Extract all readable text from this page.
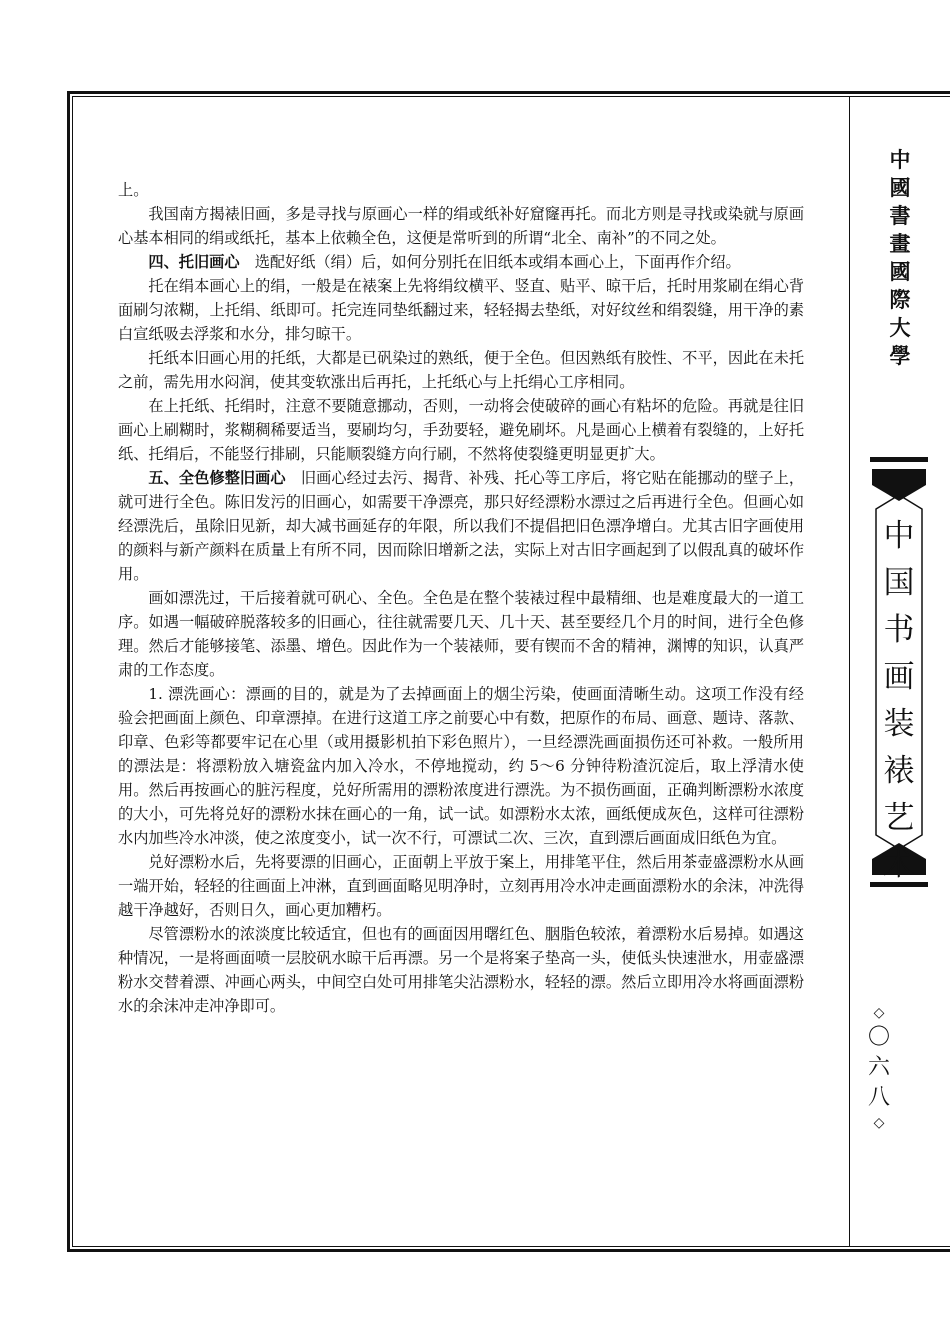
上。

我国南方揭裱旧画，多是寻找与原画心一样的绢或纸补好窟窿再托。而北方则是寻找或染就与原画心基本相同的绢或纸托，基本上依赖全色，这便是常听到的所谓“北全、南补”的不同之处。

四、托旧画心　选配好纸（绢）后，如何分别托在旧纸本或绢本画心上，下面再作介绍。

托在绢本画心上的绢，一般是在裱案上先将绢纹横平、竖直、贴平、晾干后，托时用浆刷在绢心背面刷匀浓糊，上托绢、纸即可。托完连同垫纸翻过来，轻轻揭去垫纸，对好纹丝和绢裂缝，用干净的素白宣纸吸去浮浆和水分，排匀晾干。

托纸本旧画心用的托纸，大都是已矾染过的熟纸，便于全色。但因熟纸有胶性、不平，因此在未托之前，需先用水闷润，使其变软涨出后再托，上托纸心与上托绢心工序相同。

在上托纸、托绢时，注意不要随意挪动，否则，一动将会使破碎的画心有粘坏的危险。再就是往旧画心上刷糊时，浆糊稠稀要适当，要刷均匀，手劲要轻，避免刷坏。凡是画心上横着有裂缝的，上好托纸、托绢后，不能竖行排刷，只能顺裂缝方向行刷，不然将使裂缝更明显更扩大。

五、全色修整旧画心　旧画心经过去污、揭背、补残、托心等工序后，将它贴在能挪动的壁子上，就可进行全色。陈旧发污的旧画心，如需要干净漂亮，那只好经漂粉水漂过之后再进行全色。但画心如经漂洗后，虽除旧见新，却大减书画延存的年限，所以我们不提倡把旧色漂净增白。尤其古旧字画使用的颜料与新产颜料在质量上有所不同，因而除旧增新之法，实际上对古旧字画起到了以假乱真的破坏作用。

画如漂洗过，干后接着就可矾心、全色。全色是在整个装裱过程中最精细、也是难度最大的一道工序。如遇一幅破碎脱落较多的旧画心，往往就需要几天、几十天、甚至要经几个月的时间，进行全色修理。然后才能够接笔、添墨、增色。因此作为一个装裱师，要有锲而不舍的精神，渊博的知识，认真严肃的工作态度。

1. 漂洗画心：漂画的目的，就是为了去掉画面上的烟尘污染，使画面清晰生动。这项工作没有经验会把画面上颜色、印章漂掉。在进行这道工序之前要心中有数，把原作的布局、画意、题诗、落款、印章、色彩等都要牢记在心里（或用摄影机拍下彩色照片），一旦经漂洗画面损伤还可补救。一般所用的漂法是：将漂粉放入塘瓷盆内加入冷水，不停地搅动，约 5～6 分钟待粉渣沉淀后，取上浮清水使用。然后再按画心的脏污程度，兑好所需用的漂粉浓度进行漂洗。为不损伤画面，正确判断漂粉水浓度的大小，可先将兑好的漂粉水抹在画心的一角，试一试。如漂粉水太浓，画纸便成灰色，这样可往漂粉水内加些冷水冲淡，使之浓度变小，试一次不行，可漂试二次、三次，直到漂后画面成旧纸色为宜。

兑好漂粉水后，先将要漂的旧画心，正面朝上平放于案上，用排笔平住，然后用茶壶盛漂粉水从画一端开始，轻轻的往画面上冲淋，直到画面略见明净时，立刻再用冷水冲走画面漂粉水的余沫，冲洗得越干净越好，否则日久，画心更加糟朽。

尽管漂粉水的浓淡度比较适宜，但也有的画面因用曙红色、胭脂色较浓，着漂粉水后易掉。如遇这种情况，一是将画面喷一层胶矾水晾干后再漂。另一个是将案子垫高一头，使低头快速泄水，用壶盛漂粉水交替着漂、冲画心两头，中间空白处可用排笔尖沾漂粉水，轻轻的漂。然后立即用冷水将画面漂粉水的余沫冲走冲净即可。

中
國
書
畫
國
際
大
學
中
国
书
画
装
裱
艺
术
◇
〇
六
八
◇
